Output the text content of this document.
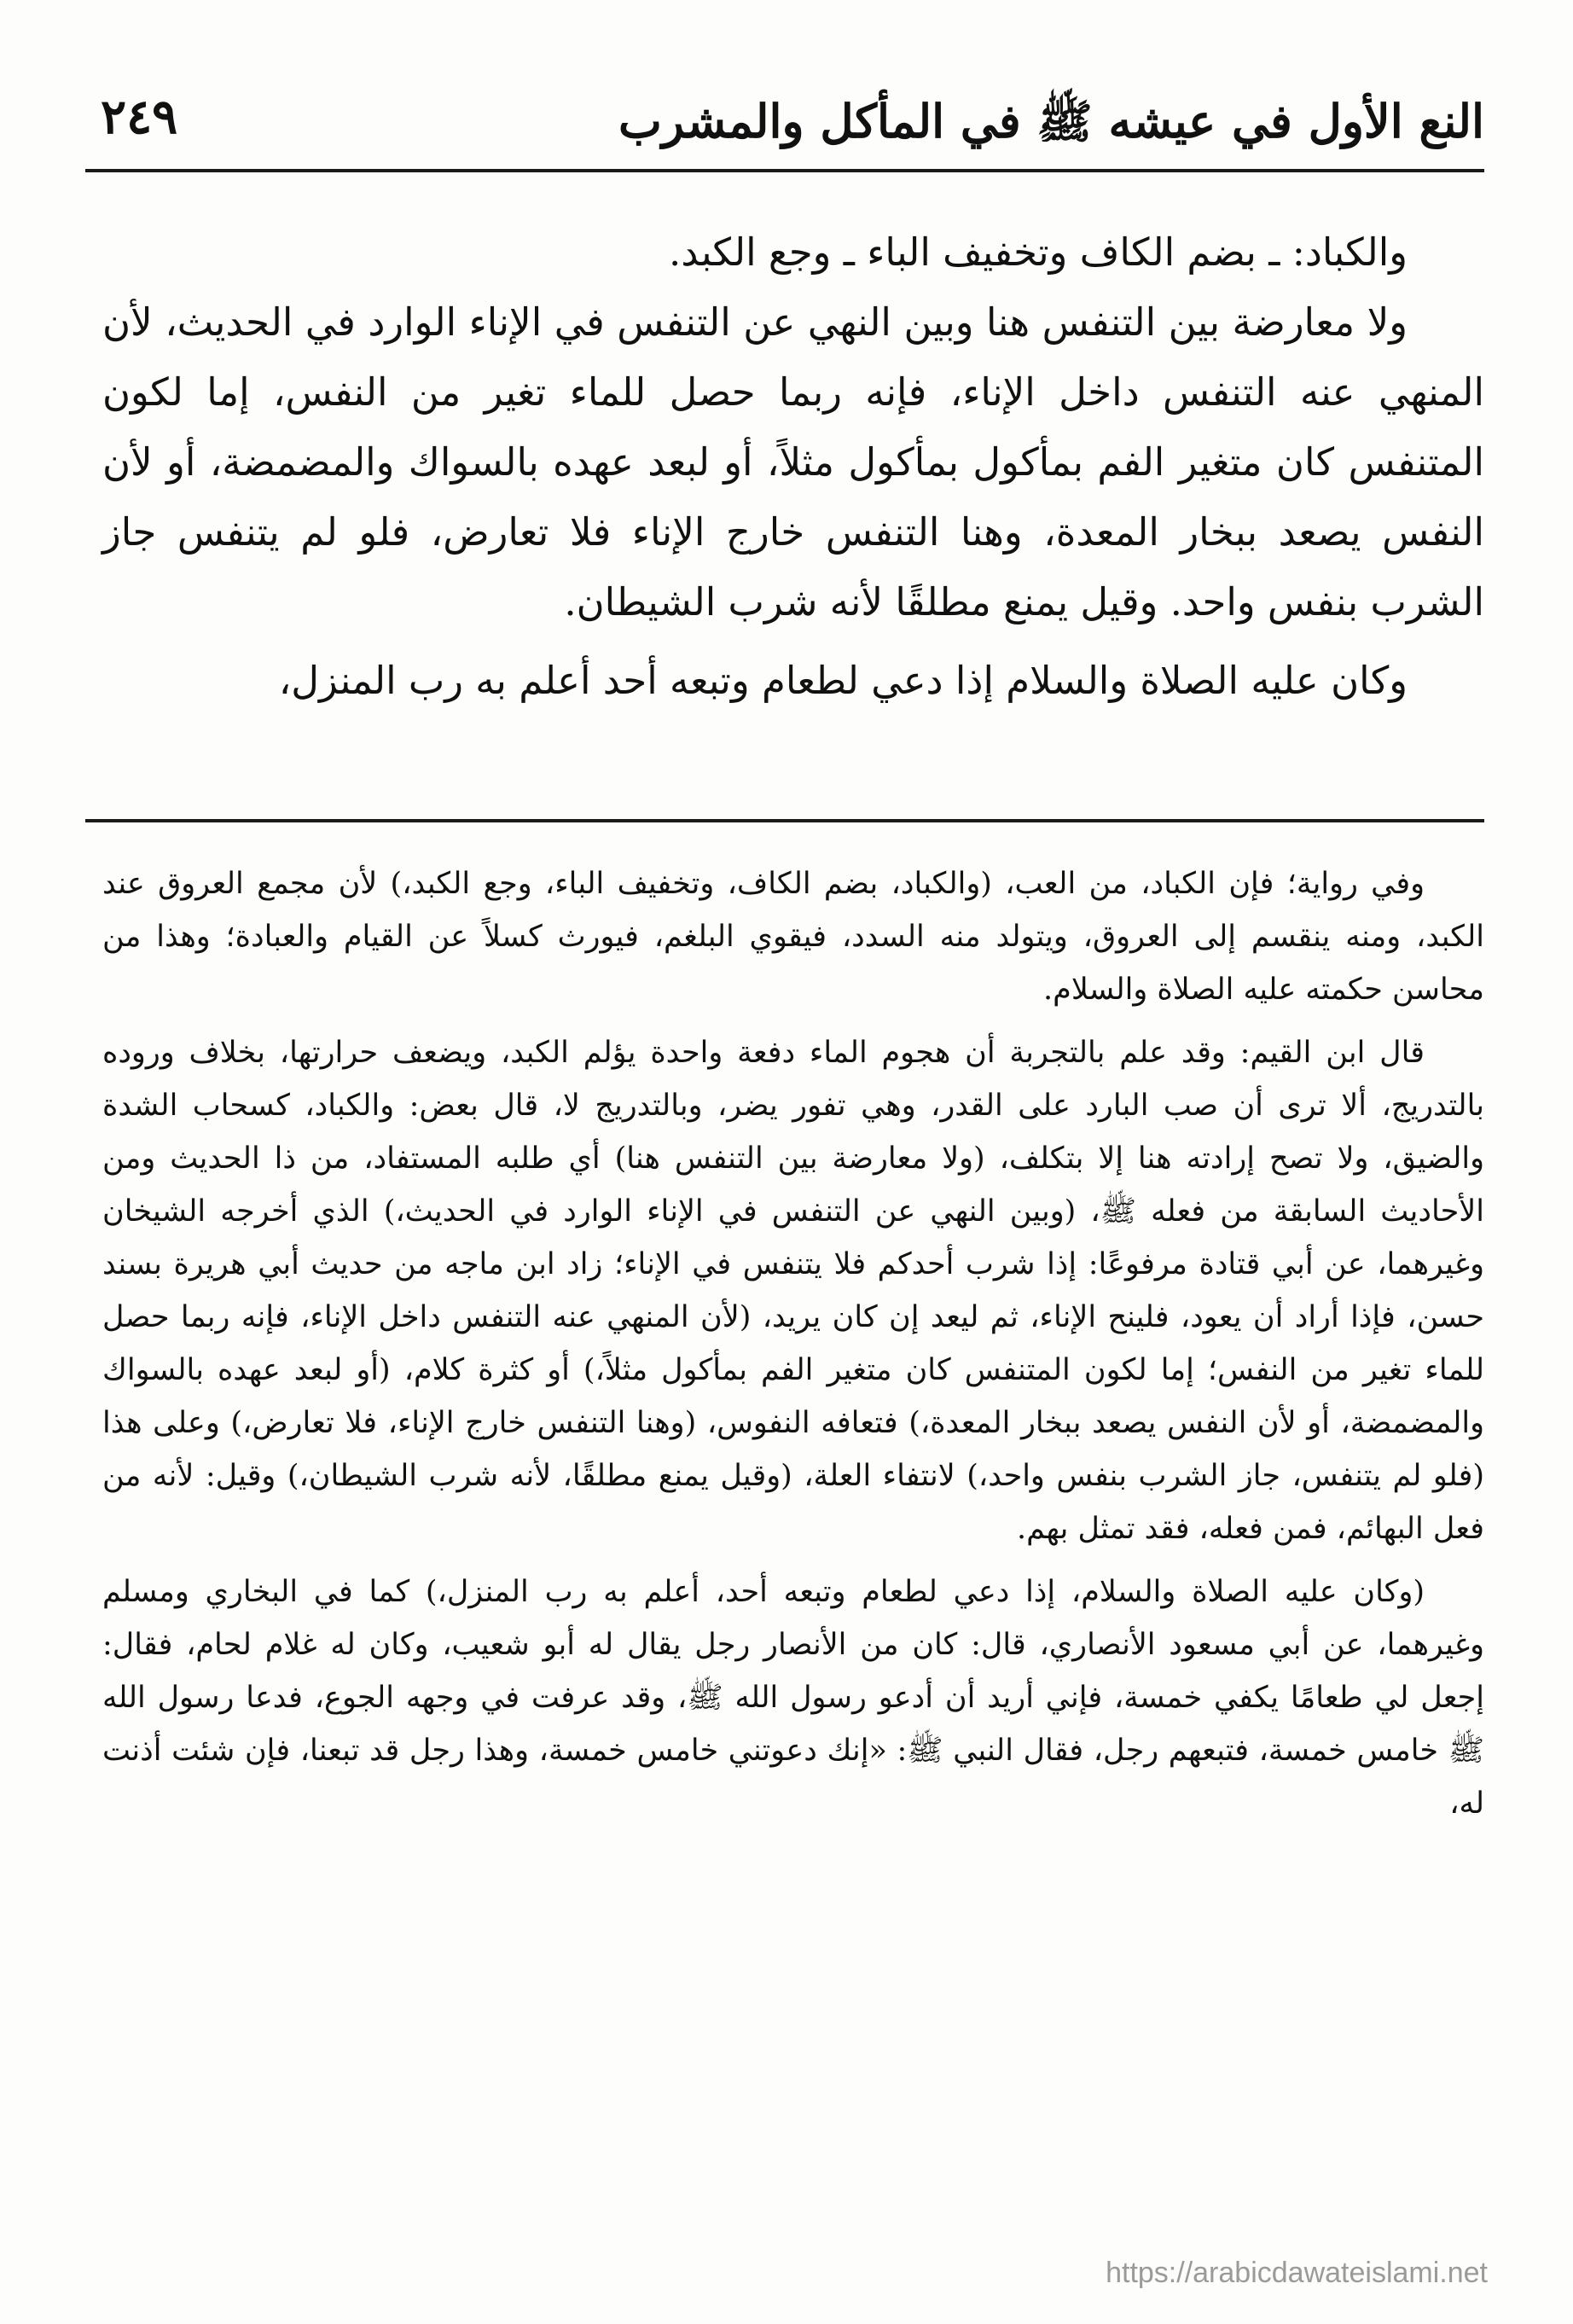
النع الأول في عيشه ﷺ في المأكل والمشرب
٢٤٩

والكباد: ـ بضم الكاف وتخفيف الباء ـ وجع الكبد.

ولا معارضة بين التنفس هنا وبين النهي عن التنفس في الإناء الوارد في الحديث، لأن المنهي عنه التنفس داخل الإناء، فإنه ربما حصل للماء تغير من النفس، إما لكون المتنفس كان متغير الفم بمأكول بمأكول مثلاً، أو لبعد عهده بالسواك والمضمضة، أو لأن النفس يصعد ببخار المعدة، وهنا التنفس خارج الإناء فلا تعارض، فلو لم يتنفس جاز الشرب بنفس واحد. وقيل يمنع مطلقًا لأنه شرب الشيطان.

وكان عليه الصلاة والسلام إذا دعي لطعام وتبعه أحد أعلم به رب المنزل،

وفي رواية؛ فإن الكباد، من العب، (والكباد، بضم الكاف، وتخفيف الباء، وجع الكبد،) لأن مجمع العروق عند الكبد، ومنه ينقسم إلى العروق، ويتولد منه السدد، فيقوي البلغم، فيورث كسلاً عن القيام والعبادة؛ وهذا من محاسن حكمته عليه الصلاة والسلام.

قال ابن القيم: وقد علم بالتجربة أن هجوم الماء دفعة واحدة يؤلم الكبد، ويضعف حرارتها، بخلاف وروده بالتدريج، ألا ترى أن صب البارد على القدر، وهي تفور يضر، وبالتدريج لا، قال بعض: والكباد، كسحاب الشدة والضيق، ولا تصح إرادته هنا إلا بتكلف، (ولا معارضة بين التنفس هنا) أي طلبه المستفاد، من ذا الحديث ومن الأحاديث السابقة من فعله ﷺ، (وبين النهي عن التنفس في الإناء الوارد في الحديث،) الذي أخرجه الشيخان وغيرهما، عن أبي قتادة مرفوعًا: إذا شرب أحدكم فلا يتنفس في الإناء؛ زاد ابن ماجه من حديث أبي هريرة بسند حسن، فإذا أراد أن يعود، فلينح الإناء، ثم ليعد إن كان يريد، (لأن المنهي عنه التنفس داخل الإناء، فإنه ربما حصل للماء تغير من النفس؛ إما لكون المتنفس كان متغير الفم بمأكول مثلاً،) أو كثرة كلام، (أو لبعد عهده بالسواك والمضمضة، أو لأن النفس يصعد ببخار المعدة،) فتعافه النفوس، (وهنا التنفس خارج الإناء، فلا تعارض،) وعلى هذا (فلو لم يتنفس، جاز الشرب بنفس واحد،) لانتفاء العلة، (وقيل يمنع مطلقًا، لأنه شرب الشيطان،) وقيل: لأنه من فعل البهائم، فمن فعله، فقد تمثل بهم.

(وكان عليه الصلاة والسلام، إذا دعي لطعام وتبعه أحد، أعلم به رب المنزل،) كما في البخاري ومسلم وغيرهما، عن أبي مسعود الأنصاري، قال: كان من الأنصار رجل يقال له أبو شعيب، وكان له غلام لحام، فقال: إجعل لي طعامًا يكفي خمسة، فإني أريد أن أدعو رسول الله ﷺ، وقد عرفت في وجهه الجوع، فدعا رسول الله ﷺ خامس خمسة، فتبعهم رجل، فقال النبي ﷺ: «إنك دعوتني خامس خمسة، وهذا رجل قد تبعنا، فإن شئت أذنت له،

https://arabicdawateislami.net
